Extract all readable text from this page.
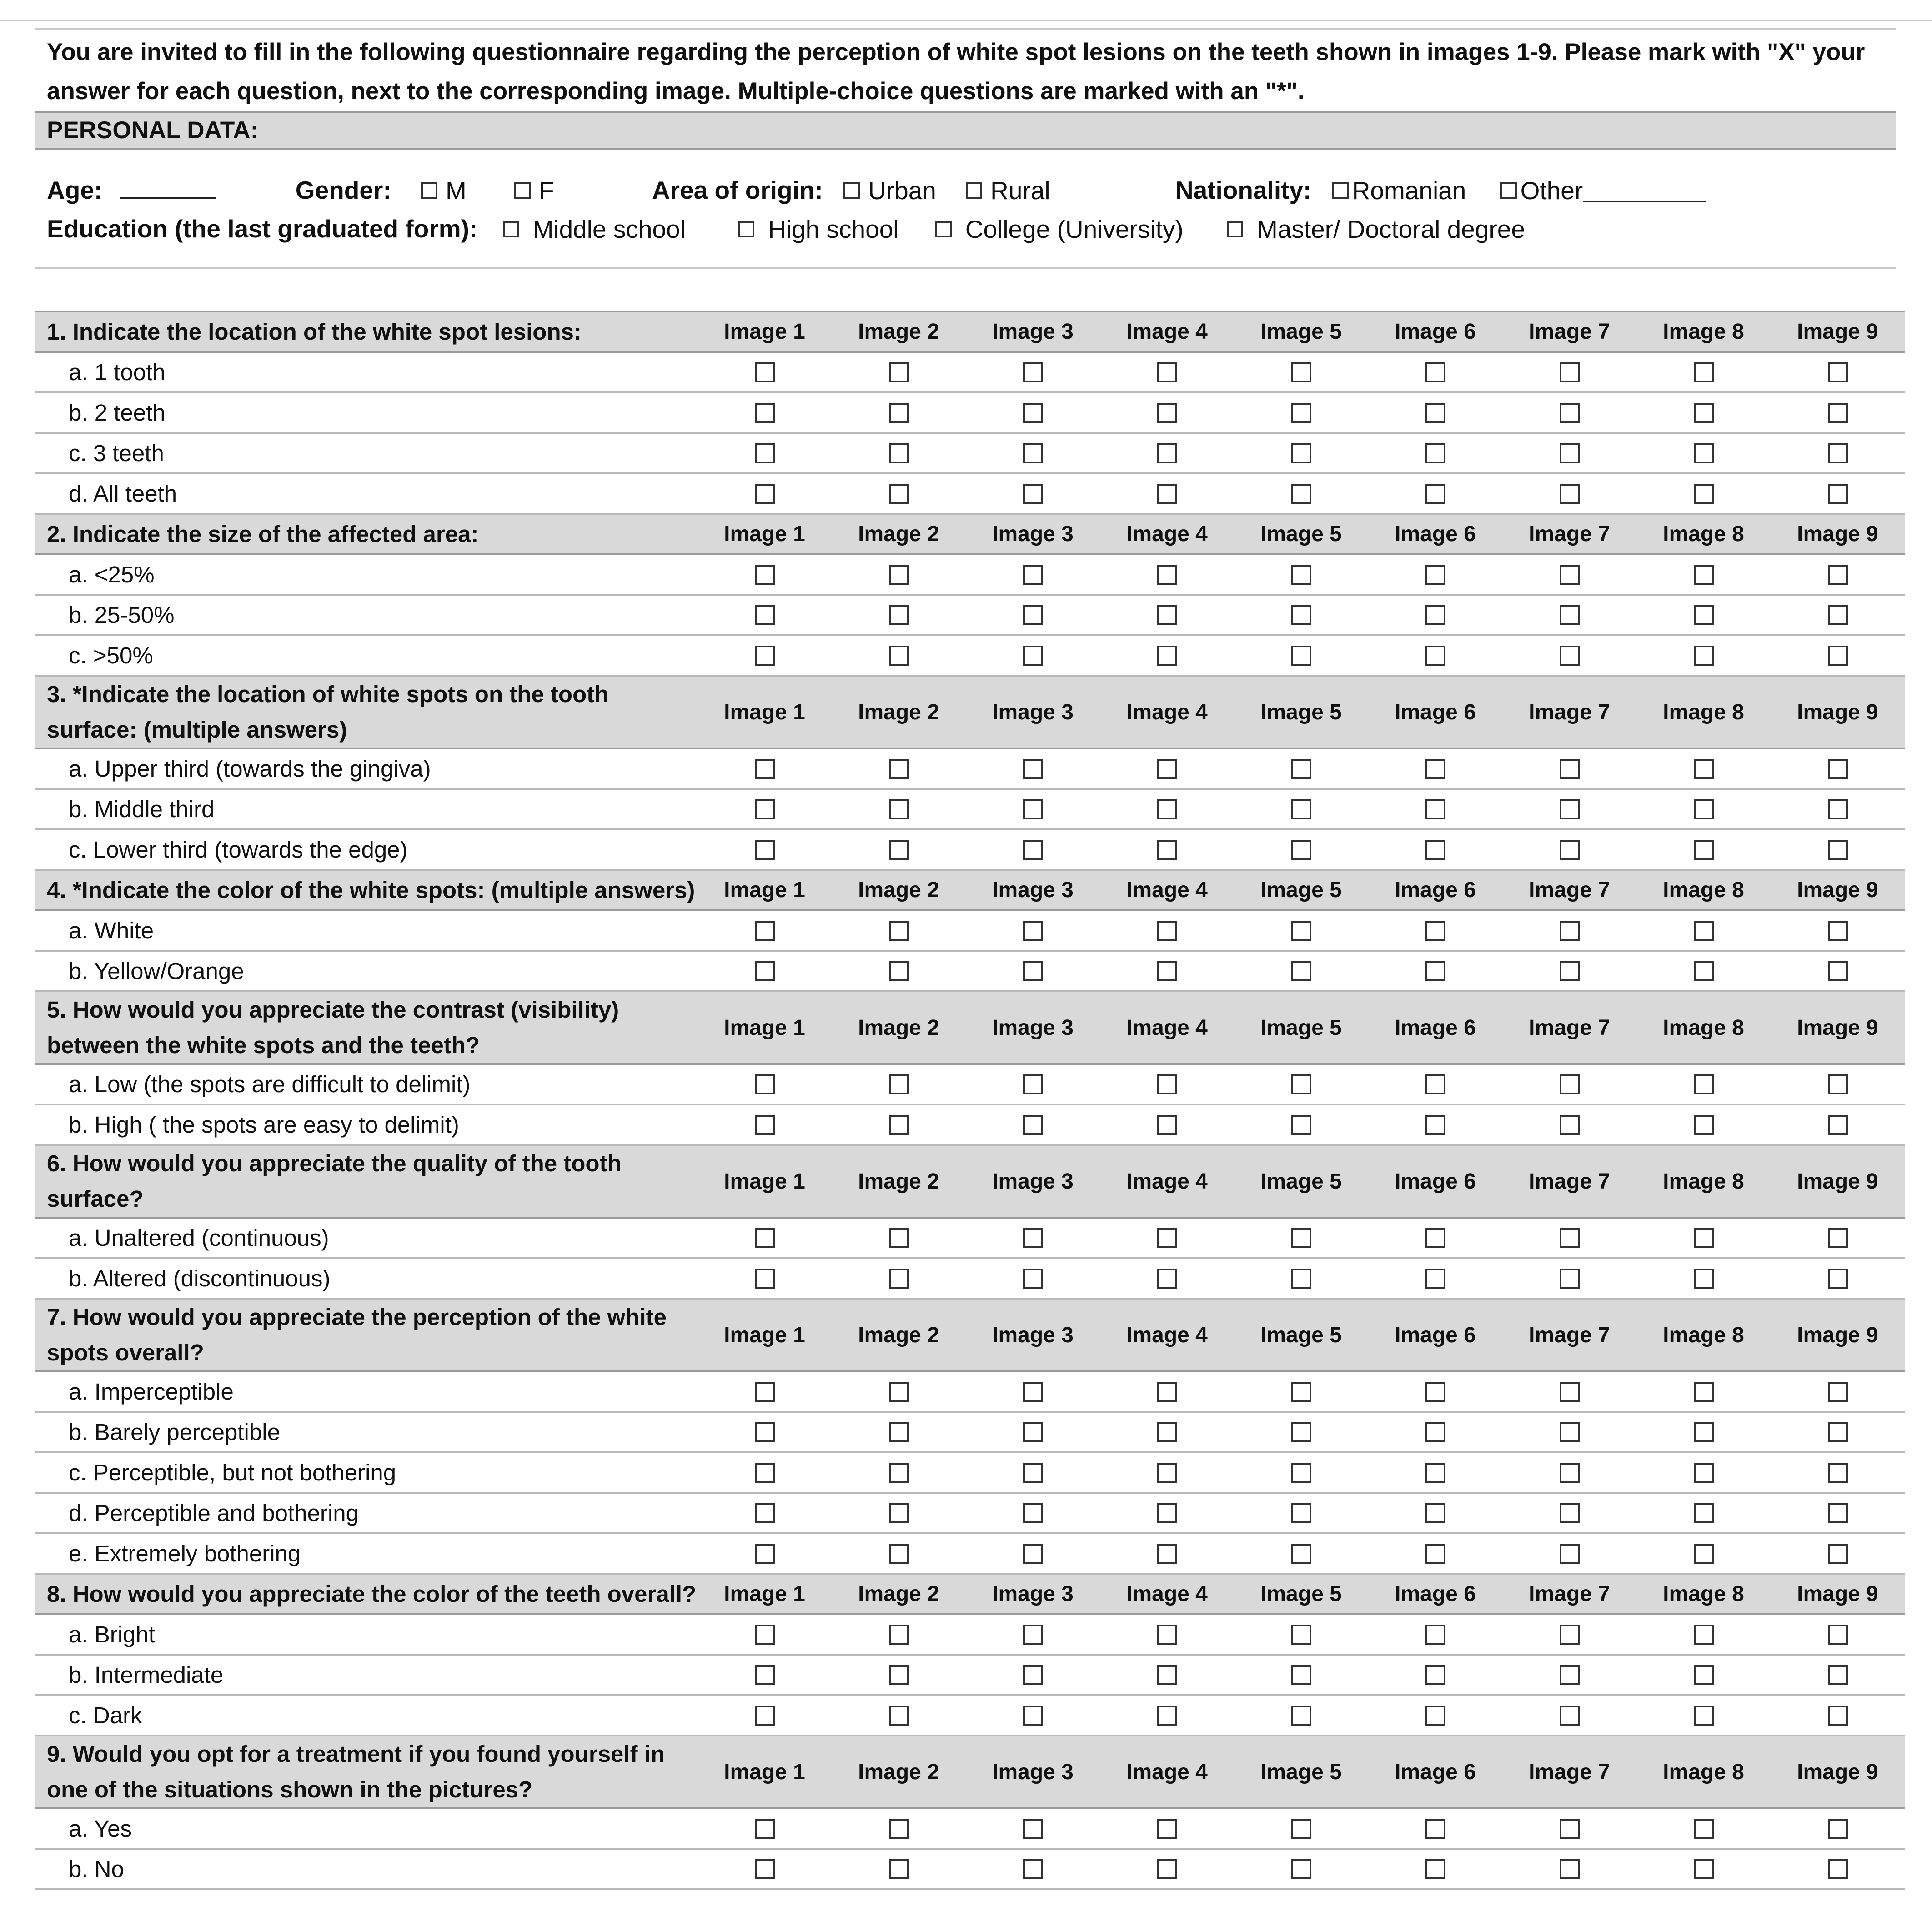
You are invited to fill in the following questionnaire regarding the perception of white spot lesions on the teeth shown in images 1-9. Please mark with "X" your answer for each question, next to the corresponding image. Multiple-choice questions are marked with an "*".
PERSONAL DATA:
Age:	Gender: M
	F	Area of origin: Urban
Rural	Nationality: Romanian
Other
Education (the last graduated form): Middle school
	High school
	College (University)
	Master/ Doctoral degree
1. Indicate the location of the white spot lesions:	Image 1	Image 2	Image 3	Image 4	Image 5	Image 6	Image 7	Image 8	Image 9
a. 1 tooth									
b. 2 teeth									
c. 3 teeth									
d. All teeth									
2. Indicate the size of the affected area:	Image 1	Image 2	Image 3	Image 4	Image 5	Image 6	Image 7	Image 8	Image 9
a. <25%									
b. 25-50%									
c. >50%									
3. *Indicate the location of white spots on the tooth surface: (multiple answers)	Image 1	Image 2	Image 3	Image 4	Image 5	Image 6	Image 7	Image 8	Image 9
a. Upper third (towards the gingiva)									
b. Middle third									
c. Lower third (towards the edge)									
4. *Indicate the color of the white spots: (multiple answers)	Image 1	Image 2	Image 3	Image 4	Image 5	Image 6	Image 7	Image 8	Image 9
a. White									
b. Yellow/Orange									
5. How would you appreciate the contrast (visibility) between the white spots and the teeth?	Image 1	Image 2	Image 3	Image 4	Image 5	Image 6	Image 7	Image 8	Image 9
a. Low (the spots are difficult to delimit)									
b. High ( the spots are easy to delimit)									
6. How would you appreciate the quality of the tooth surface?	Image 1	Image 2	Image 3	Image 4	Image 5	Image 6	Image 7	Image 8	Image 9
a. Unaltered (continuous)									
b. Altered (discontinuous)									
7. How would you appreciate the perception of the white spots overall?	Image 1	Image 2	Image 3	Image 4	Image 5	Image 6	Image 7	Image 8	Image 9
a. Imperceptible									
b. Barely perceptible									
c. Perceptible, but not bothering									
d. Perceptible and bothering									
e. Extremely bothering									
8. How would you appreciate the color of the teeth overall?	Image 1	Image 2	Image 3	Image 4	Image 5	Image 6	Image 7	Image 8	Image 9
a. Bright									
b. Intermediate									
c. Dark									
9. Would you opt for a treatment if you found yourself in one of the situations shown in the pictures?	Image 1	Image 2	Image 3	Image 4	Image 5	Image 6	Image 7	Image 8	Image 9
a. Yes									
b. No									
